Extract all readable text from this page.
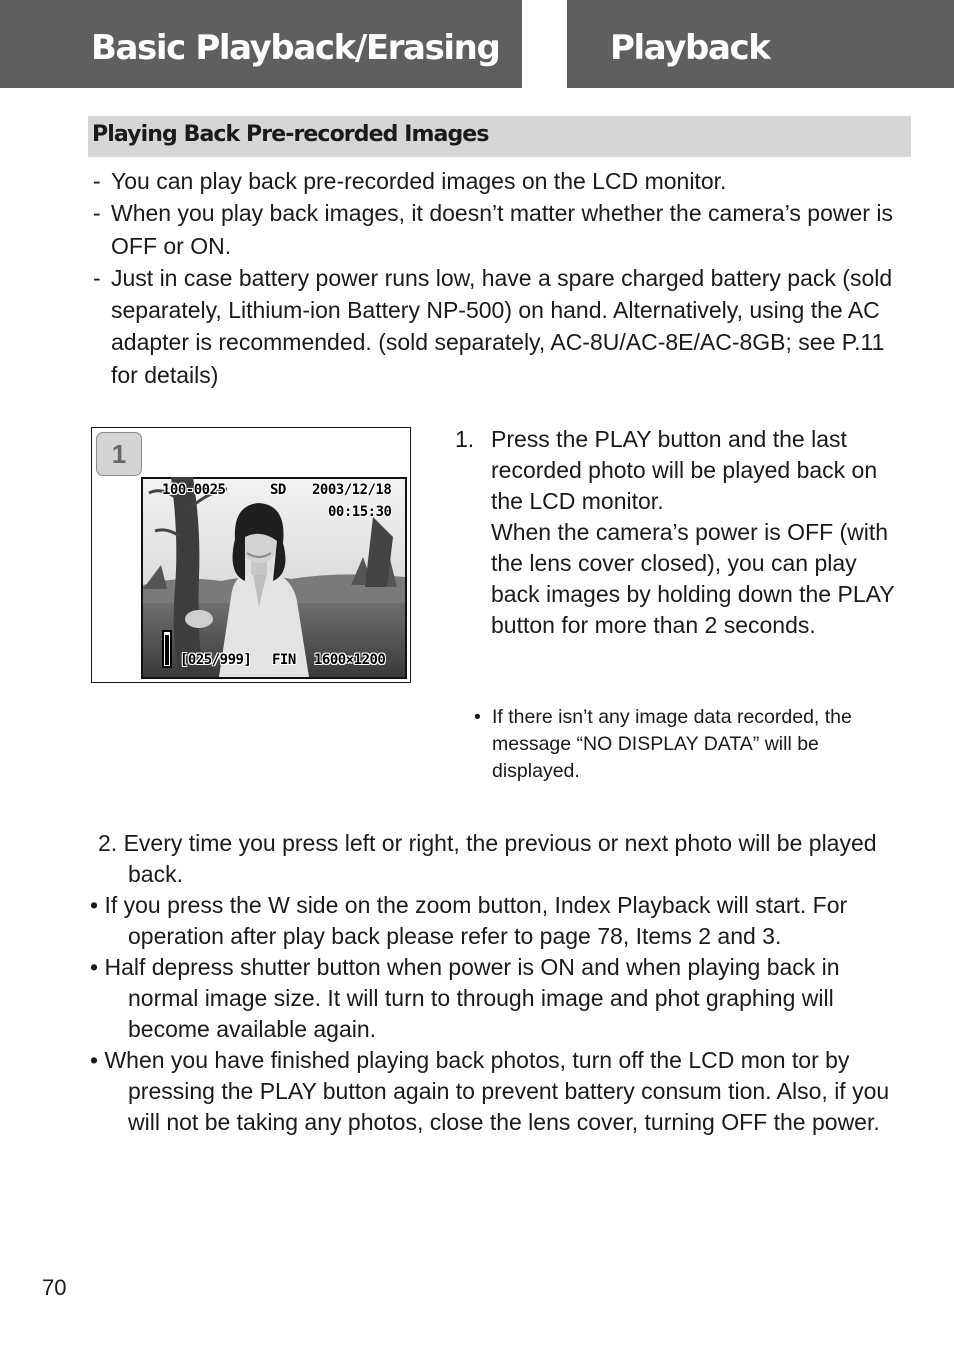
Basic Playback/Erasing	Playback
Playing Back Pre-recorded Images
- You can play back pre-recorded images on the LCD monitor.
- When you play back images, it doesn’t matter whether the camera’s power is OFF or ON.
- Just in case battery power runs low, have a spare charged battery pack (sold separately, Lithium-ion Battery NP-500) on hand. Alternatively, using the AC adapter is recommended. (sold separately, AC-8U/AC-8E/AC-8GB; see P.11 for details)
1
100-0025	SD 2003/12/18
00:15:30
[025/999] FIN 1600×1200
1. Press the PLAY button and the last recorded photo will be played back on the LCD monitor.
When the camera’s power is OFF (with the lens cover closed), you can play back images by holding down the PLAY button for more than 2 seconds.
• If there isn’t any image data recorded, the message “NO DISPLAY DATA” will be displayed.

2. Every time you press left or right, the previous or next photo will be played back.

• If you press the W side on the zoom button, Index Playback will start. For operation after play back please refer to page 78, Items 2 and 3.

• Half depress shutter button when power is ON and when playing back in normal image size. It will turn to through image and phot graphing will become available again.

• When you have finished playing back photos, turn off the LCD mon tor by pressing the PLAY button again to prevent battery consum tion. Also, if you will not be taking any photos, close the lens cover, turning OFF the power.

70
